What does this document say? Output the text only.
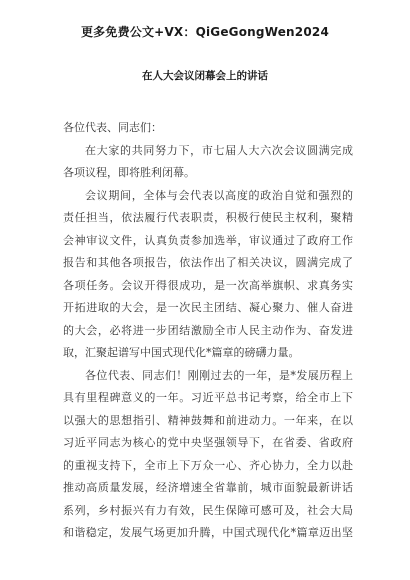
更多免费公文+VX：QiGeGongWen2024
在人大会议闭幕会上的讲话
各位代表、同志们：
在大家的共同努力下，市七届人大六次会议圆满完成
各项议程，即将胜利闭幕。
会议期间，全体与会代表以高度的政治自觉和强烈的
责任担当，依法履行代表职责，积极行使民主权利，聚精
会神审议文件，认真负责参加选举，审议通过了政府工作
报告和其他各项报告，依法作出了相关决议，圆满完成了
各项任务。会议开得很成功，是一次高举旗帜、求真务实
开拓进取的大会，是一次民主团结、凝心聚力、催人奋进
的大会，必将进一步团结激励全市人民主动作为、奋发进
取，汇聚起谱写中国式现代化*篇章的磅礴力量。
各位代表、同志们！刚刚过去的一年，是*发展历程上
具有里程碑意义的一年。习近平总书记考察，给全市上下
以强大的思想指引、精神鼓舞和前进动力。一年来，在以
习近平同志为核心的党中央坚强领导下，在省委、省政府
的重视支持下，全市上下万众一心、齐心协力，全力以赴
推动高质量发展，经济增速全省靠前，城市面貌最新讲话
系列，乡村振兴有力有效，民生保障可感可及，社会大局
和谐稳定，发展气场更加升腾，中国式现代化*篇章迈出坚
